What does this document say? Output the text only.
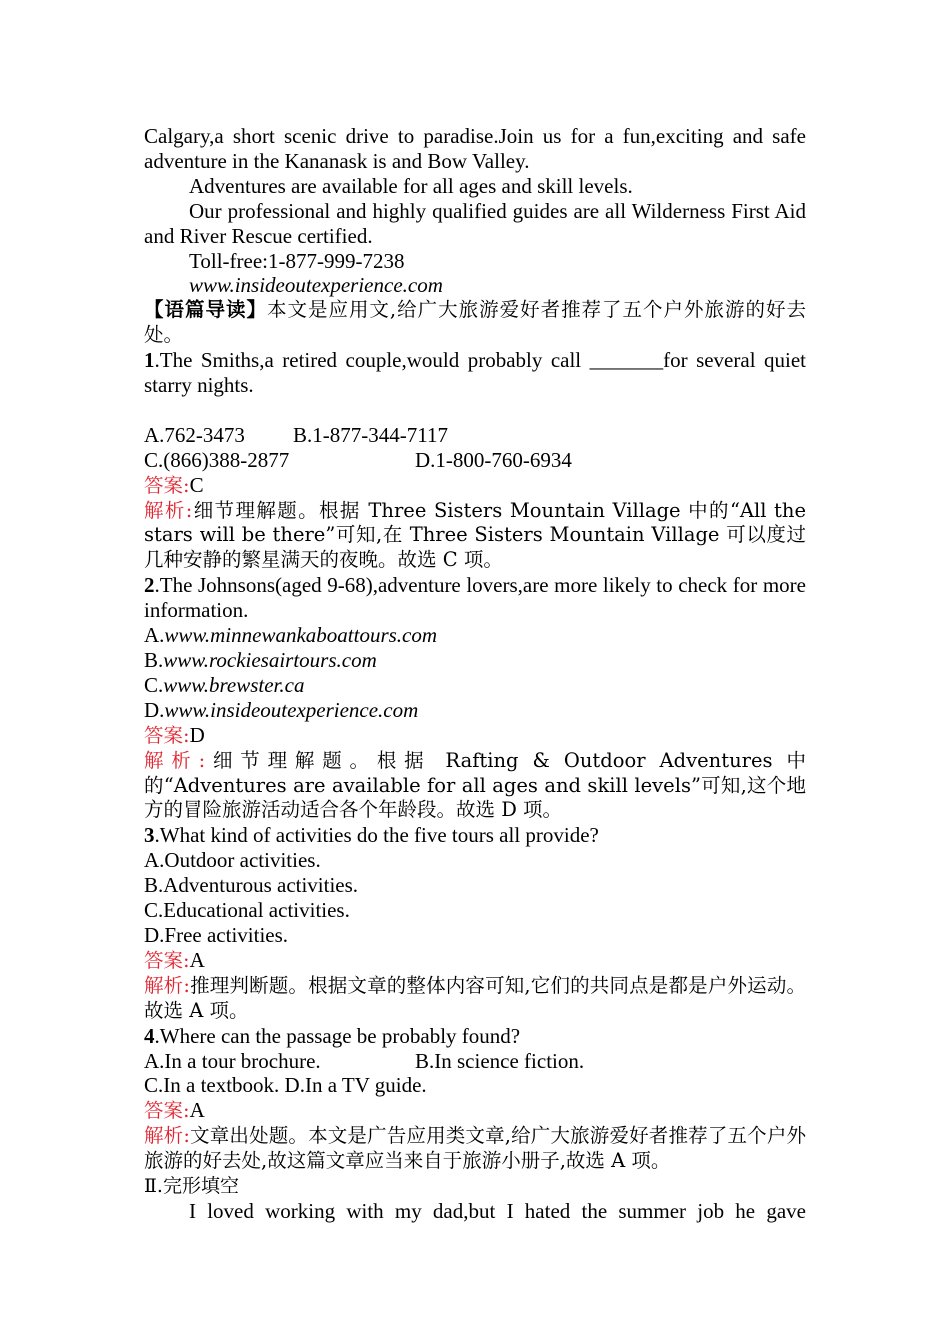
Calgary,a short scenic drive to paradise.Join us for a fun,exciting and safe adventure in the Kananask is and Bow Valley.

Adventures are available for all ages and skill levels.

Our professional and highly qualified guides are all Wilderness First Aid and River Rescue certified.

Toll-free:1-877-999-7238

www.insideoutexperience.com

【语篇导读】本文是应用文,给广大旅游爱好者推荐了五个户外旅游的好去处。

1.The Smiths,a retired couple,would probably call _______for several quiet starry nights.

A.762-3473 B.1-877-344-7117
C.(866)388-2877	D.1-800-760-6934

答案:C

解析:细节理解题。根据 Three Sisters Mountain Village 中的“All the stars will be there”可知,在 Three Sisters Mountain Village 可以度过几种安静的繁星满天的夜晚。故选 C 项。

2.The Johnsons(aged 9-68),adventure lovers,are more likely to check for more information.

A.www.minnewankaboattours.com

B.www.rockiesairtours.com

C.www.brewster.ca

D.www.insideoutexperience.com

答案:D

解析:细节理解题。根据 Rafting & Outdoor Adventures 中的“Adventures are available for all ages and skill levels”可知,这个地方的冒险旅游活动适合各个年龄段。故选 D 项。

3.What kind of activities do the five tours all provide?

A.Outdoor activities.

B.Adventurous activities.

C.Educational activities.

D.Free activities.

答案:A

解析:推理判断题。根据文章的整体内容可知,它们的共同点是都是户外运动。故选 A 项。

4.Where can the passage be probably found?

A.In a tour brochure.	B.In science fiction.

C.In a textbook. D.In a TV guide.

答案:A

解析:文章出处题。本文是广告应用类文章,给广大旅游爱好者推荐了五个户外旅游的好去处,故这篇文章应当来自于旅游小册子,故选 A 项。

Ⅱ.完形填空

I loved working with my dad,but I hated the summer job he gave
